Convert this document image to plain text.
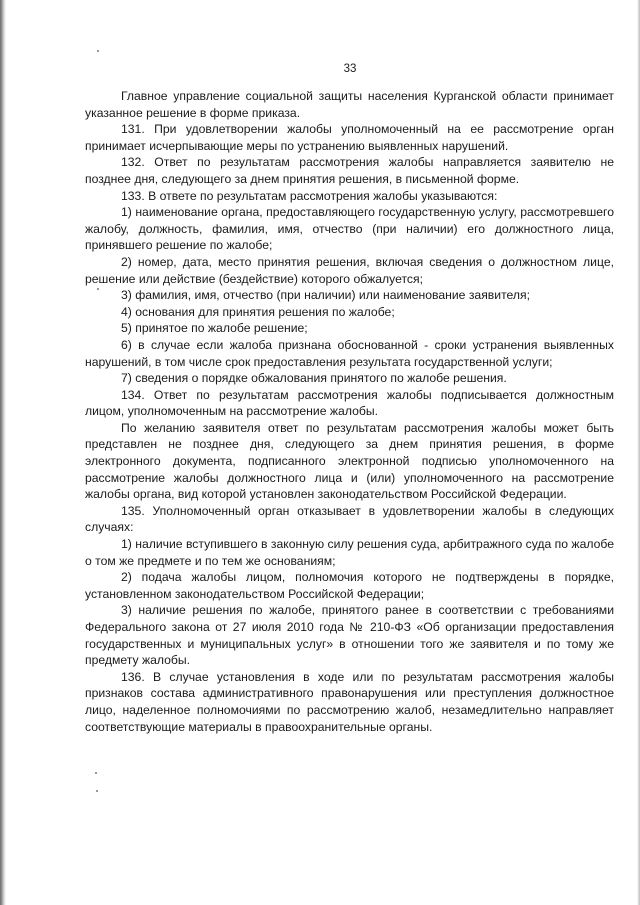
33

Главное управление социальной защиты населения Курганской области принимает указанное решение в форме приказа.

131. При удовлетворении жалобы уполномоченный на ее рассмотрение орган принимает исчерпывающие меры по устранению выявленных нарушений.

132. Ответ по результатам рассмотрения жалобы направляется заявителю не позднее дня, следующего за днем принятия решения, в письменной форме.

133. В ответе по результатам рассмотрения жалобы указываются:

1) наименование органа, предоставляющего государственную услугу, рассмотревшего жалобу, должность, фамилия, имя, отчество (при наличии) его должностного лица, принявшего решение по жалобе;

2) номер, дата, место принятия решения, включая сведения о должностном лице, решение или действие (бездействие) которого обжалуется;

3) фамилия, имя, отчество (при наличии) или наименование заявителя;

4) основания для принятия решения по жалобе;

5) принятое по жалобе решение;

6) в случае если жалоба признана обоснованной - сроки устранения выявленных нарушений, в том числе срок предоставления результата государственной услуги;

7) сведения о порядке обжалования принятого по жалобе решения.

134. Ответ по результатам рассмотрения жалобы подписывается должностным лицом, уполномоченным на рассмотрение жалобы.

По желанию заявителя ответ по результатам рассмотрения жалобы может быть представлен не позднее дня, следующего за днем принятия решения, в форме электронного документа, подписанного электронной подписью уполномоченного на рассмотрение жалобы должностного лица и (или) уполномоченного на рассмотрение жалобы органа, вид которой установлен законодательством Российской Федерации.

135. Уполномоченный орган отказывает в удовлетворении жалобы в следующих случаях:

1) наличие вступившего в законную силу решения суда, арбитражного суда по жалобе о том же предмете и по тем же основаниям;

2) подача жалобы лицом, полномочия которого не подтверждены в порядке, установленном законодательством Российской Федерации;

3) наличие решения по жалобе, принятого ранее в соответствии с требованиями Федерального закона от 27 июля 2010 года № 210-ФЗ «Об организации предоставления государственных и муниципальных услуг» в отношении того же заявителя и по тому же предмету жалобы.

136. В случае установления в ходе или по результатам рассмотрения жалобы признаков состава административного правонарушения или преступления должностное лицо, наделенное полномочиями по рассмотрению жалоб, незамедлительно направляет соответствующие материалы в правоохранительные органы.
